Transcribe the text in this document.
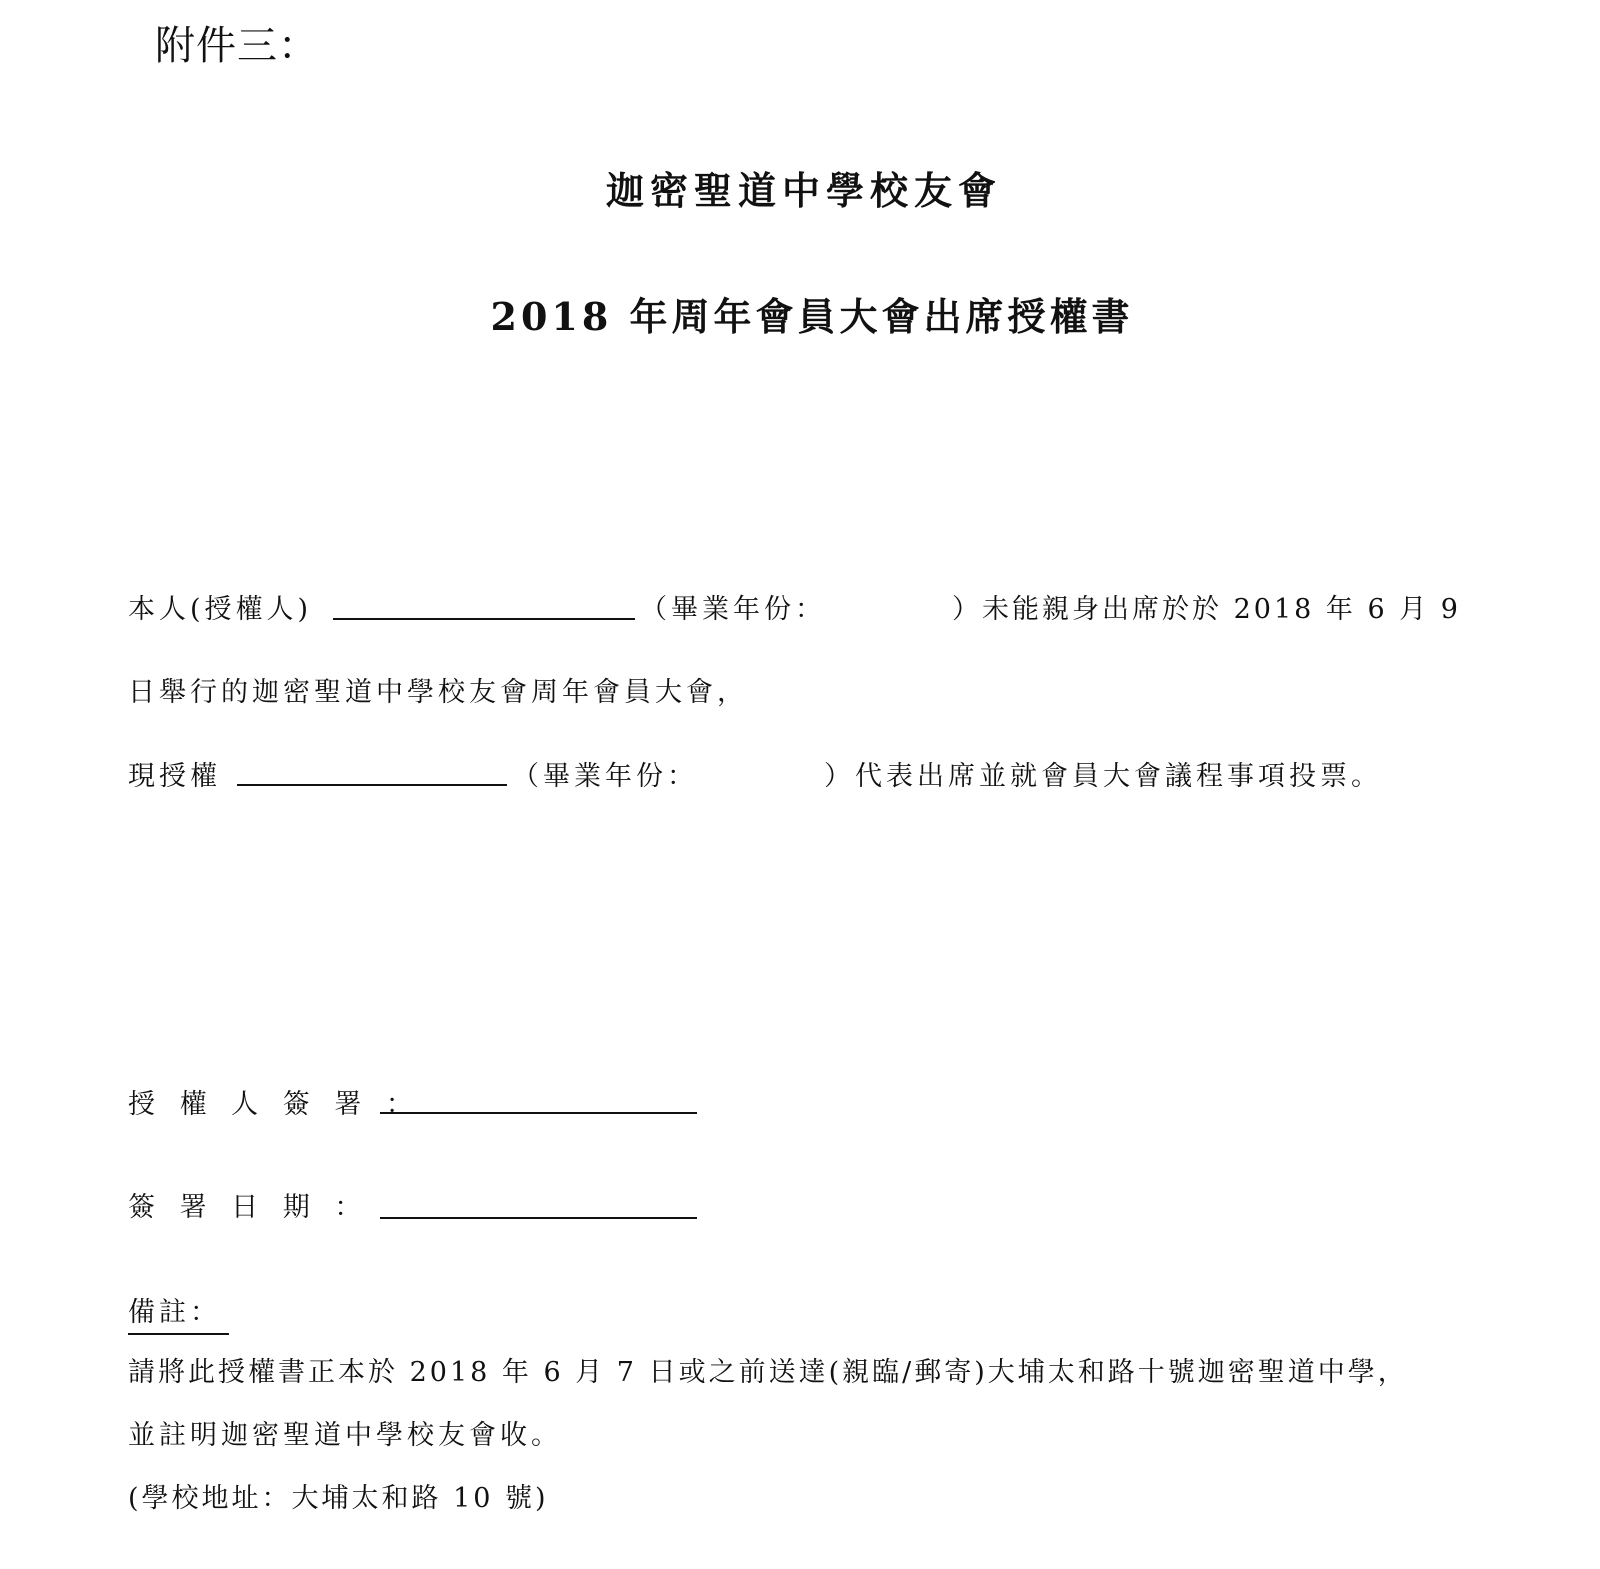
附件三：
迦密聖道中學校友會
2018 年周年會員大會出席授權書
本人(授權人)	（畢業年份：	）未能親身出席於於 2018 年 6 月 9
日舉行的迦密聖道中學校友會周年會員大會，
現授權	（畢業年份：	）代表出席並就會員大會議程事項投票。
授 權 人 簽 署 ：
簽 署 日 期 ：
備註：
請將此授權書正本於 2018 年 6 月 7 日或之前送達(親臨/郵寄)大埔太和路十號迦密聖道中學，
並註明迦密聖道中學校友會收。
(學校地址：大埔太和路 10 號)
